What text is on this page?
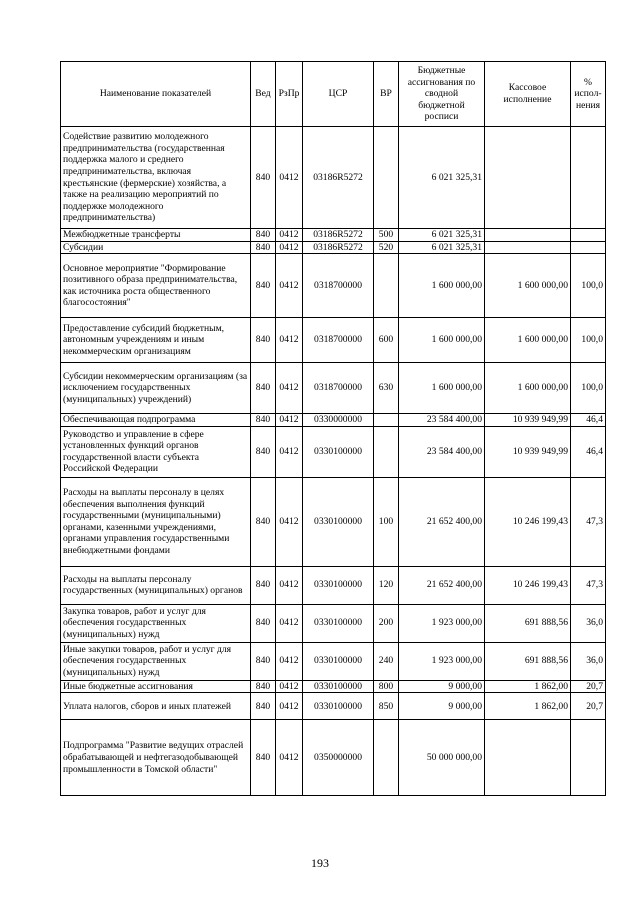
Наименование показателей	Вед	РзПр	ЦСР	ВР	Бюджетные ассигнования по сводной бюджетной росписи	Кассовое исполнение	% испол-нения
Содействие развитию молодежного предпринимательства (государственная поддержка малого и среднего предпринимательства, включая крестьянские (фермерские) хозяйства, а также на реализацию мероприятий по поддержке молодежного предпринимательства)	840	0412	03186R5272		6 021 325,31		
Межбюджетные трансферты	840	0412	03186R5272	500	6 021 325,31		
Субсидии	840	0412	03186R5272	520	6 021 325,31		
Основное мероприятие "Формирование позитивного образа предпринимательства, как источника роста общественного благосостояния"	840	0412	0318700000		1 600 000,00	1 600 000,00	100,0
Предоставление субсидий бюджетным, автономным учреждениям и иным некоммерческим организациям	840	0412	0318700000	600	1 600 000,00	1 600 000,00	100,0
Субсидии некоммерческим организациям (за исключением государственных (муниципальных) учреждений)	840	0412	0318700000	630	1 600 000,00	1 600 000,00	100,0
Обеспечивающая подпрограмма	840	0412	0330000000		23 584 400,00	10 939 949,99	46,4
Руководство и управление в сфере установленных функций органов государственной власти субъекта Российской Федерации	840	0412	0330100000		23 584 400,00	10 939 949,99	46,4
Расходы на выплаты персоналу в целях обеспечения выполнения функций государственными (муниципальными) органами, казенными учреждениями, органами управления государственными внебюджетными фондами	840	0412	0330100000	100	21 652 400,00	10 246 199,43	47,3
Расходы на выплаты персоналу государственных (муниципальных) органов	840	0412	0330100000	120	21 652 400,00	10 246 199,43	47,3
Закупка товаров, работ и услуг для обеспечения государственных (муниципальных) нужд	840	0412	0330100000	200	1 923 000,00	691 888,56	36,0
Иные закупки товаров, работ и услуг для обеспечения государственных (муниципальных) нужд	840	0412	0330100000	240	1 923 000,00	691 888,56	36,0
Иные бюджетные ассигнования	840	0412	0330100000	800	9 000,00	1 862,00	20,7
Уплата налогов, сборов и иных платежей	840	0412	0330100000	850	9 000,00	1 862,00	20,7
Подпрограмма "Развитие ведущих отраслей обрабатывающей и нефтегазодобывающей промышленности в Томской области"	840	0412	0350000000		50 000 000,00		
193
